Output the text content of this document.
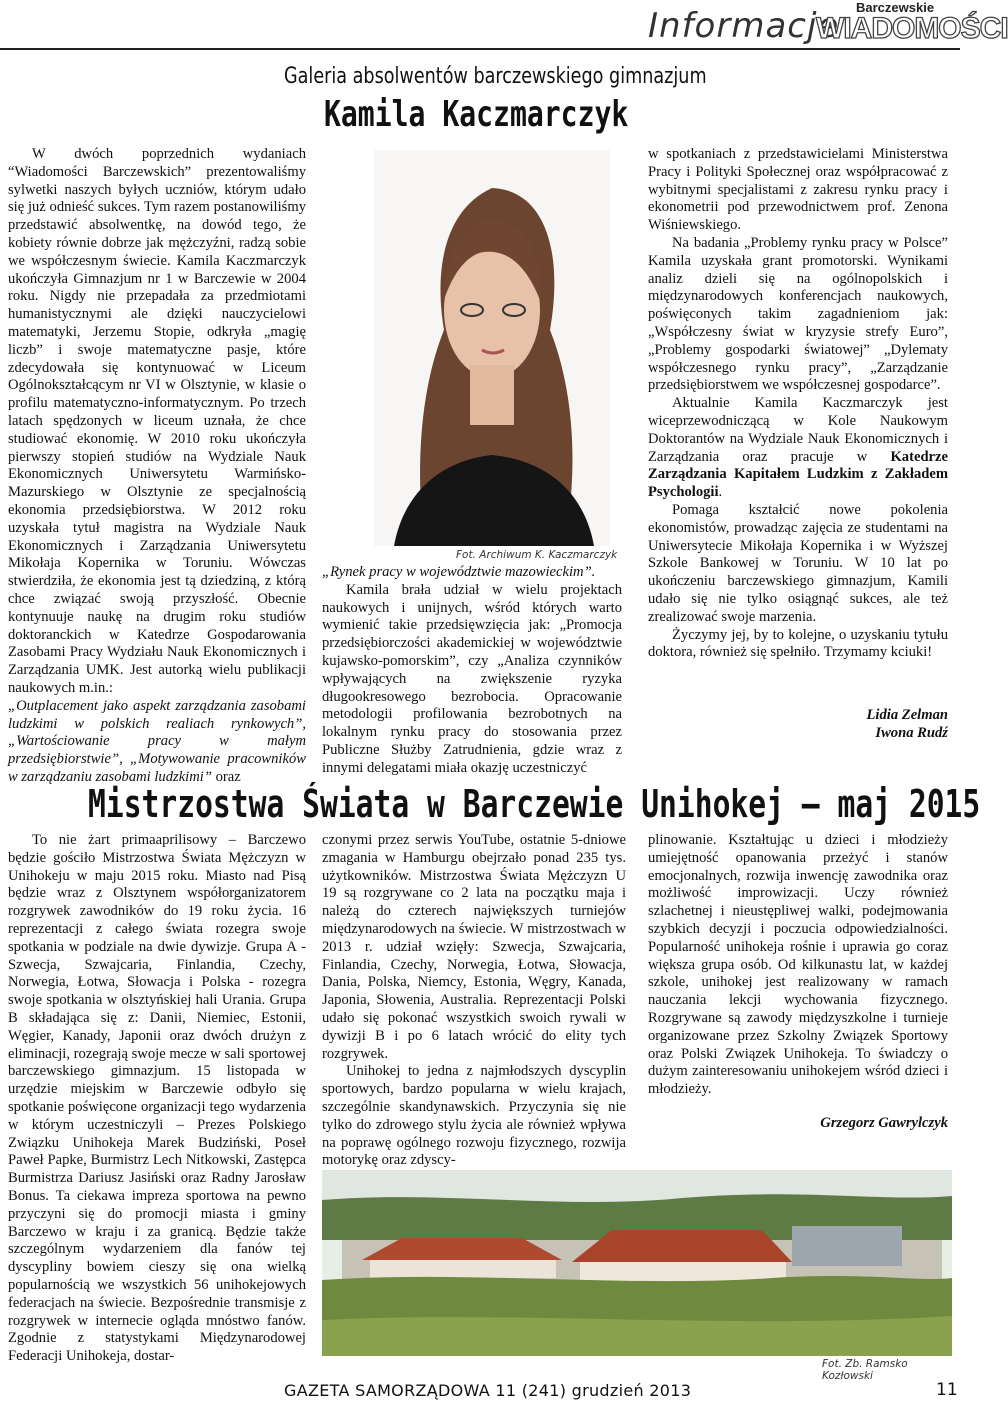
Informacje Barczewskie
WIADOMOŚCI
Galeria absolwentów barczewskiego gimnazjum
Kamila Kaczmarczyk

W dwóch poprzednich wydaniach “Wiadomości Barczewskich” prezentowaliśmy sylwetki naszych byłych uczniów, którym udało się już odnieść sukces. Tym razem postanowiliśmy przedstawić absolwentkę, na dowód tego, że kobiety równie dobrze jak mężczyźni, radzą sobie we współczesnym świecie. Kamila Kaczmarczyk ukończyła Gimnazjum nr 1 w Barczewie w 2004 roku. Nigdy nie przepadała za przedmiotami humanistycznymi ale dzięki nauczycielowi matematyki, Jerzemu Stopie, odkryła „magię liczb” i swoje matematyczne pasje, które zdecydowała się kontynuować w Liceum Ogólnokształcącym nr VI w Olsztynie, w klasie o profilu matematyczno-informatycznym. Po trzech latach spędzonych w liceum uznała, że chce studiować ekonomię. W 2010 roku ukończyła pierwszy stopień studiów na Wydziale Nauk Ekonomicznych Uniwersytetu Warmińsko-Mazurskiego w Olsztynie ze specjalnością ekonomia przedsiębiorstwa. W 2012 roku uzyskała tytuł magistra na Wydziale Nauk Ekonomicznych i Zarządzania Uniwersytetu Mikołaja Kopernika w Toruniu. Wówczas stwierdziła, że ekonomia jest tą dziedziną, z którą chce związać swoją przyszłość. Obecnie kontynuuje naukę na drugim roku studiów doktoranckich w Katedrze Gospodarowania Zasobami Pracy Wydziału Nauk Ekonomicznych i Zarządzania UMK. Jest autorką wielu publikacji naukowych m.in.:

„Outplacement jako aspekt zarządzania zasobami ludzkimi w polskich realiach rynkowych”, „Wartościowanie pracy w małym przedsiębiorstwie”, „Motywowanie pracowników w zarządzaniu zasobami ludzkimi” oraz
Fot. Archiwum K. Kaczmarczyk

„Rynek pracy w województwie mazowieckim”.

Kamila brała udział w wielu projektach naukowych i unijnych, wśród których warto wymienić takie przedsięwzięcia jak: „Promocja przedsiębiorczości akademickiej w województwie kujawsko-pomorskim”, czy „Analiza czynników wpływających na zwiększenie ryzyka długookresowego bezrobocia. Opracowanie metodologii profilowania bezrobotnych na lokalnym rynku pracy do stosowania przez Publiczne Służby Zatrudnienia, gdzie wraz z innymi delegatami miała okazję uczestniczyć

w spotkaniach z przedstawicielami Ministerstwa Pracy i Polityki Społecznej oraz współpracować z wybitnymi specjalistami z zakresu rynku pracy i ekonometrii pod przewodnictwem prof. Zenona Wiśniewskiego.

Na badania „Problemy rynku pracy w Polsce” Kamila uzyskała grant promotorski. Wynikami analiz dzieli się na ogólnopolskich i międzynarodowych konferencjach naukowych, poświęconych takim zagadnieniom jak: „Współczesny świat w kryzysie strefy Euro”, „Problemy gospodarki światowej” „Dylematy współczesnego rynku pracy”, „Zarządzanie przedsiębiorstwem we współczesnej gospodarce”.

Aktualnie Kamila Kaczmarczyk jest wiceprzewodniczącą w Kole Naukowym Doktorantów na Wydziale Nauk Ekonomicznych i Zarządzania oraz pracuje w Katedrze Zarządzania Kapitałem Ludzkim z Zakładem Psychologii.

Pomaga kształcić nowe pokolenia ekonomistów, prowadząc zajęcia ze studentami na Uniwersytecie Mikołaja Kopernika i w Wyższej Szkole Bankowej w Toruniu. W 10 lat po ukończeniu barczewskiego gimnazjum, Kamili udało się nie tylko osiągnąć sukces, ale też zrealizować swoje marzenia.

Życzymy jej, by to kolejne, o uzyskaniu tytułu doktora, również się spełniło. Trzymamy kciuki!

Lidia Zelman
Iwona Rudź
Mistrzostwa Świata w Barczewie Unihokej – maj 2015

To nie żart primaaprilisowy – Barczewo będzie gościło Mistrzostwa Świata Mężczyzn w Unihokeju w maju 2015 roku. Miasto nad Pisą będzie wraz z Olsztynem współorganizatorem rozgrywek zawodników do 19 roku życia. 16 reprezentacji z całego świata rozegra swoje spotkania w podziale na dwie dywizje. Grupa A - Szwecja, Szwajcaria, Finlandia, Czechy, Norwegia, Łotwa, Słowacja i Polska - rozegra swoje spotkania w olsztyńskiej hali Urania. Grupa B składająca się z: Danii, Niemiec, Estonii, Węgier, Kanady, Japonii oraz dwóch drużyn z eliminacji, rozegrają swoje mecze w sali sportowej barczewskiego gimnazjum. 15 listopada w urzędzie miejskim w Barczewie odbyło się spotkanie poświęcone organizacji tego wydarzenia w którym uczestniczyli – Prezes Polskiego Związku Unihokeja Marek Budziński, Poseł Paweł Papke, Burmistrz Lech Nitkowski, Zastępca Burmistrza Dariusz Jasiński oraz Radny Jarosław Bonus. Ta ciekawa impreza sportowa na pewno przyczyni się do promocji miasta i gminy Barczewo w kraju i za granicą. Będzie także szczególnym wydarzeniem dla fanów tej dyscypliny bowiem cieszy się ona wielką popularnością we wszystkich 56 unihokejowych federacjach na świecie. Bezpośrednie transmisje z rozgrywek w internecie ogląda mnóstwo fanów. Zgodnie z statystykami Międzynarodowej Federacji Unihokeja, dostar-

czonymi przez serwis YouTube, ostatnie 5-dniowe zmagania w Hamburgu obejrzało ponad 235 tys. użytkowników. Mistrzostwa Świata Mężczyzn U 19 są rozgrywane co 2 lata na początku maja i należą do czterech największych turniejów międzynarodowych na świecie. W mistrzostwach w 2013 r. udział wzięły: Szwecja, Szwajcaria, Finlandia, Czechy, Norwegia, Łotwa, Słowacja, Dania, Polska, Niemcy, Estonia, Węgry, Kanada, Japonia, Słowenia, Australia. Reprezentacji Polski udało się pokonać wszystkich swoich rywali w dywizji B i po 6 latach wrócić do elity tych rozgrywek.

Unihokej to jedna z najmłodszych dyscyplin sportowych, bardzo popularna w wielu krajach, szczególnie skandynawskich. Przyczynia się nie tylko do zdrowego stylu życia ale również wpływa na poprawę ogólnego rozwoju fizycznego, rozwija motorykę oraz zdyscy-

plinowanie. Kształtując u dzieci i młodzieży umiejętność opanowania przeżyć i stanów emocjonalnych, rozwija inwencję zawodnika oraz możliwość improwizacji. Uczy również szlachetnej i nieustępliwej walki, podejmowania szybkich decyzji i poczucia odpowiedzialności. Popularność unihokeja rośnie i uprawia go coraz większa grupa osób. Od kilkunastu lat, w każdej szkole, unihokej jest realizowany w ramach nauczania lekcji wychowania fizycznego. Rozgrywane są zawody międzyszkolne i turnieje organizowane przez Szkolny Związek Sportowy oraz Polski Związek Unihokeja. To świadczy o dużym zainteresowaniu unihokejem wśród dzieci i młodzieży.

Grzegorz Gawrylczyk
Fot. Zb. Ramsko Kozłowski
GAZETA SAMORZĄDOWA 11 (241) grudzień 2013	11
